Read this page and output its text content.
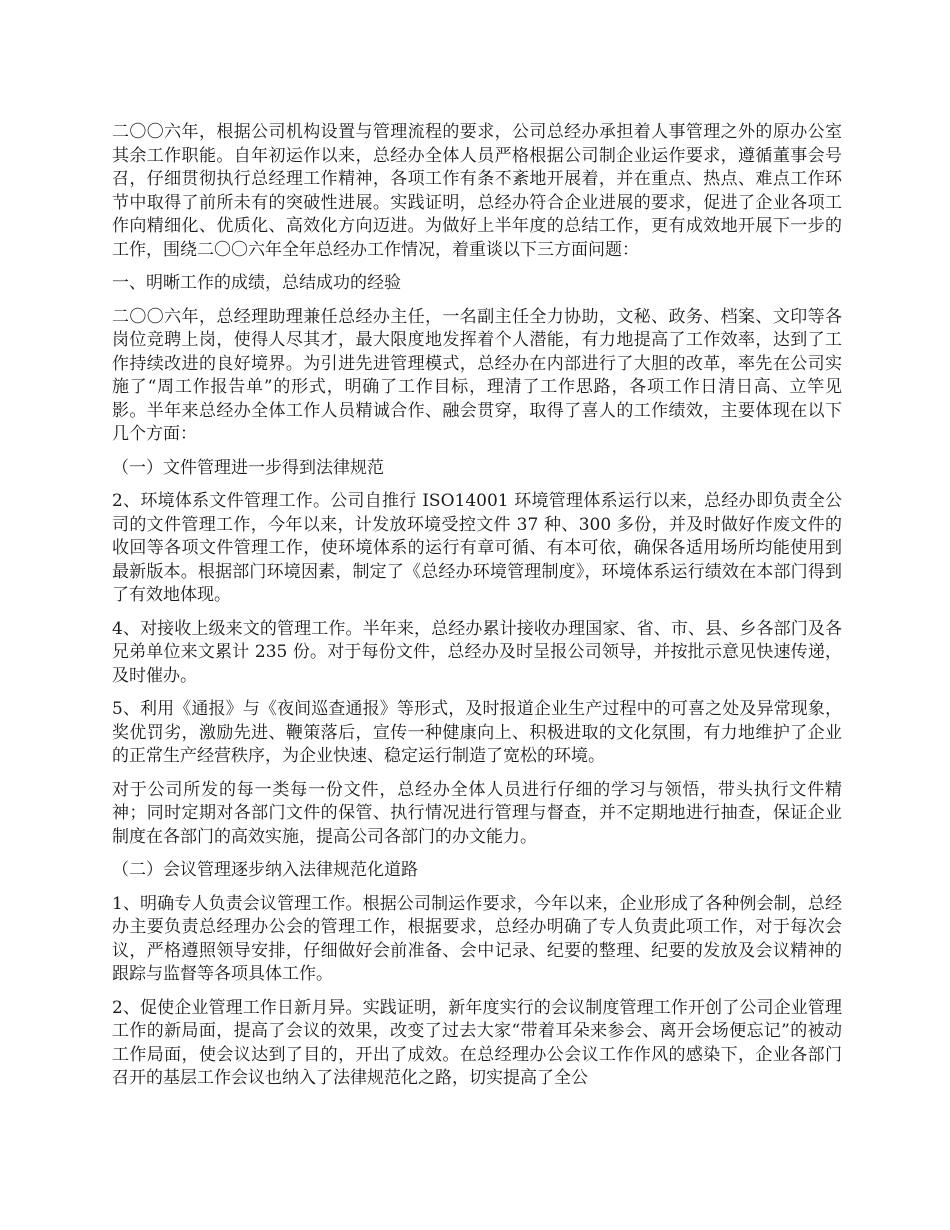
二〇〇六年，根据公司机构设置与管理流程的要求，公司总经办承担着人事管理之外的原办公室其余工作职能。自年初运作以来，总经办全体人员严格根据公司制企业运作要求，遵循董事会号召，仔细贯彻执行总经理工作精神，各项工作有条不紊地开展着，并在重点、热点、难点工作环节中取得了前所未有的突破性进展。实践证明，总经办符合企业进展的要求，促进了企业各项工作向精细化、优质化、高效化方向迈进。为做好上半年度的总结工作，更有成效地开展下一步的工作，围绕二〇〇六年全年总经办工作情况，着重谈以下三方面问题：

一、明晰工作的成绩，总结成功的经验

二〇〇六年，总经理助理兼任总经办主任，一名副主任全力协助，文秘、政务、档案、文印等各岗位竞聘上岗，使得人尽其才，最大限度地发挥着个人潜能，有力地提高了工作效率，达到了工作持续改进的良好境界。为引进先进管理模式，总经办在内部进行了大胆的改革，率先在公司实施了“周工作报告单”的形式，明确了工作目标，理清了工作思路，各项工作日清日高、立竿见影。半年来总经办全体工作人员精诚合作、融会贯穿，取得了喜人的工作绩效，主要体现在以下几个方面：

（一）文件管理进一步得到法律规范

2、环境体系文件管理工作。公司自推行 ISO14001 环境管理体系运行以来，总经办即负责全公司的文件管理工作，今年以来，计发放环境受控文件 37 种、300 多份，并及时做好作废文件的收回等各项文件管理工作，使环境体系的运行有章可循、有本可依，确保各适用场所均能使用到最新版本。根据部门环境因素，制定了《总经办环境管理制度》，环境体系运行绩效在本部门得到了有效地体现。

4、对接收上级来文的管理工作。半年来，总经办累计接收办理国家、省、市、县、乡各部门及各兄弟单位来文累计 235 份。对于每份文件，总经办及时呈报公司领导，并按批示意见快速传递，及时催办。

5、利用《通报》与《夜间巡查通报》等形式，及时报道企业生产过程中的可喜之处及异常现象，奖优罚劣，激励先进、鞭策落后，宣传一种健康向上、积极进取的文化氛围，有力地维护了企业的正常生产经营秩序，为企业快速、稳定运行制造了宽松的环境。

对于公司所发的每一类每一份文件，总经办全体人员进行仔细的学习与领悟，带头执行文件精神；同时定期对各部门文件的保管、执行情况进行管理与督查，并不定期地进行抽查，保证企业制度在各部门的高效实施，提高公司各部门的办文能力。

（二）会议管理逐步纳入法律规范化道路

1、明确专人负责会议管理工作。根据公司制运作要求，今年以来，企业形成了各种例会制，总经办主要负责总经理办公会的管理工作，根据要求，总经办明确了专人负责此项工作，对于每次会议，严格遵照领导安排，仔细做好会前准备、会中记录、纪要的整理、纪要的发放及会议精神的跟踪与监督等各项具体工作。

2、促使企业管理工作日新月异。实践证明，新年度实行的会议制度管理工作开创了公司企业管理工作的新局面，提高了会议的效果，改变了过去大家“带着耳朵来参会、离开会场便忘记”的被动工作局面，使会议达到了目的，开出了成效。在总经理办公会议工作作风的感染下，企业各部门召开的基层工作会议也纳入了法律规范化之路，切实提高了全公
